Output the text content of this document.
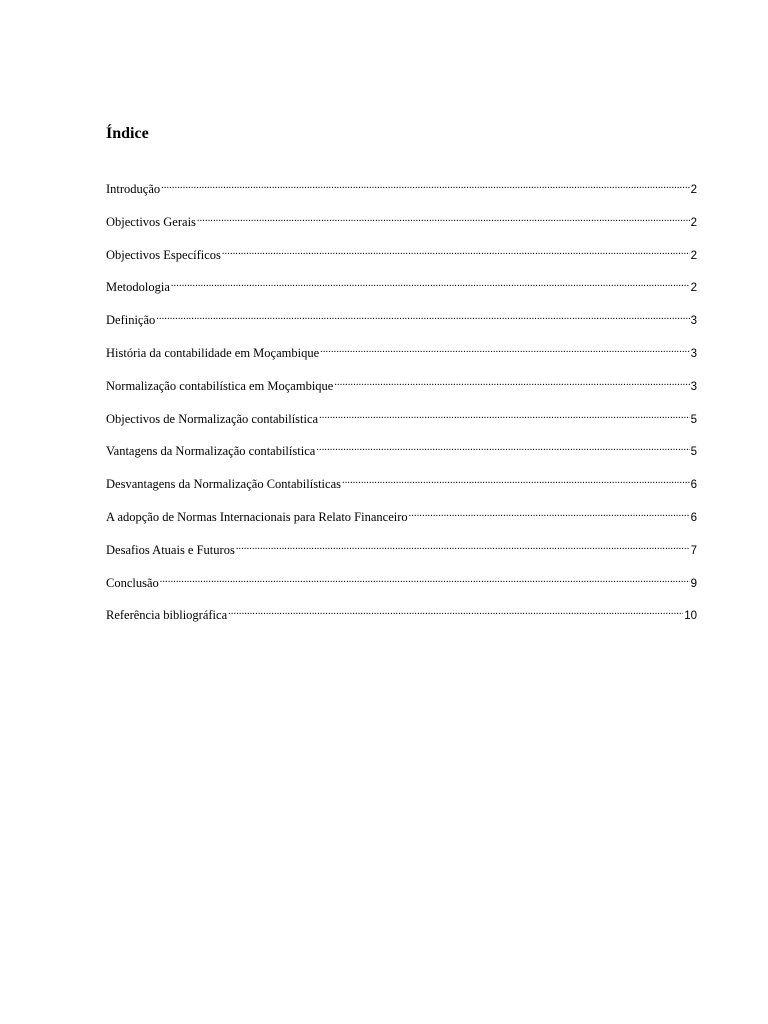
Índice
Introdução .....	2
Objectivos Gerais .....	2
Objectivos Específicos .....	2
Metodologia .....	2
Definição .....	3
História da contabilidade em Moçambique .....	3
Normalização contabilística em Moçambique .....	3
Objectivos de Normalização contabilística .....	5
Vantagens da Normalização contabilística .....	5
Desvantagens da Normalização Contabilísticas .....	6
A adopção de Normas Internacionais para Relato Financeiro .....	6
Desafios Atuais e Futuros .....	7
Conclusão .....	9
Referência bibliográfica .....	10
